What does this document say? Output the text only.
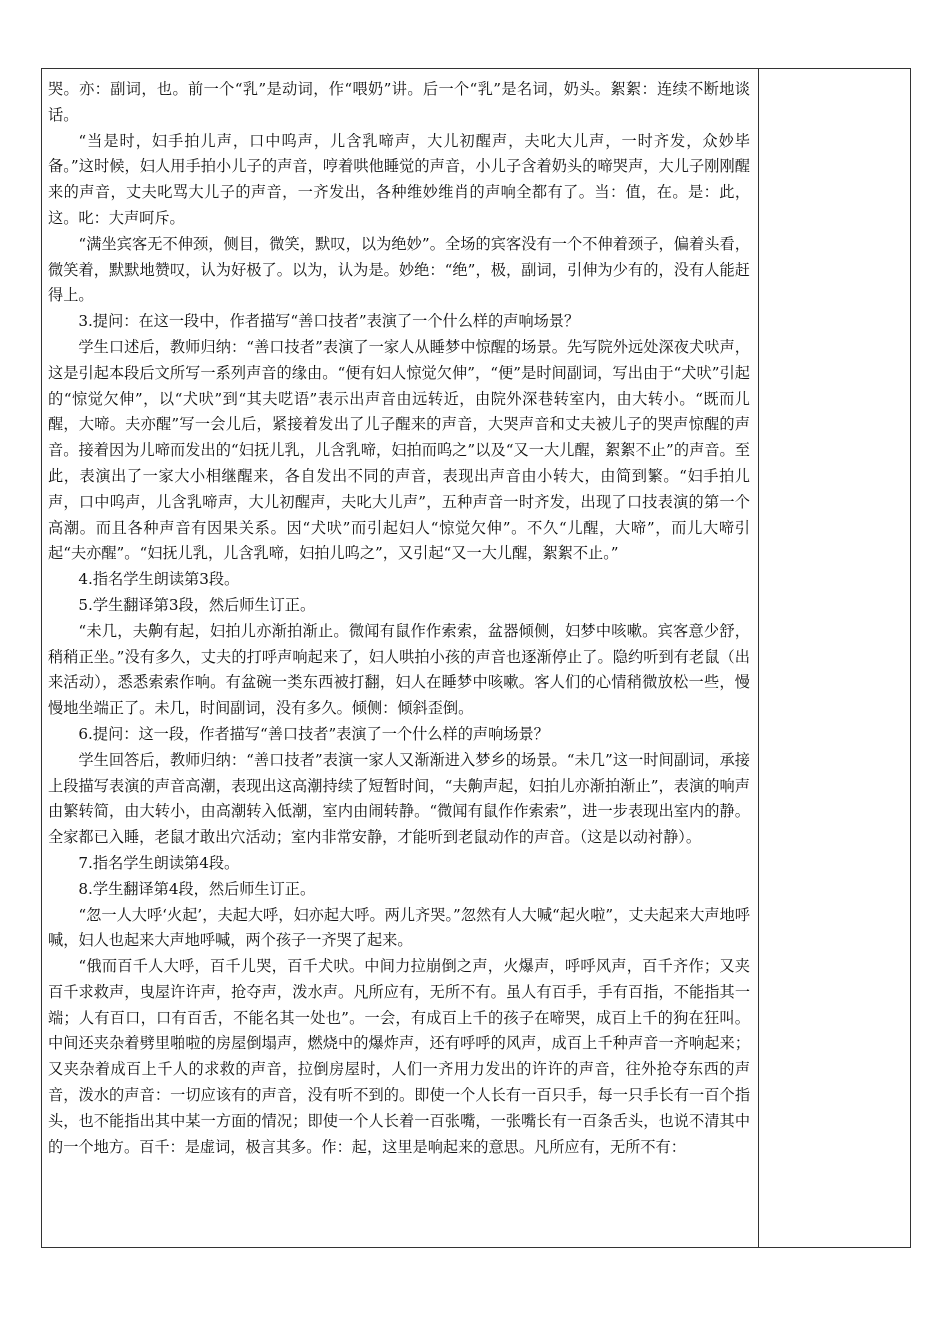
哭。亦：副词，也。前一个“乳”是动词，作“喂奶”讲。后一个“乳”是名词，奶头。絮絮：连续不断地谈话。

“当是时，妇手拍儿声，口中呜声，儿含乳啼声，大儿初醒声，夫叱大儿声，一时齐发，众妙毕备。”这时候，妇人用手拍小儿子的声音，哼着哄他睡觉的声音，小儿子含着奶头的啼哭声，大儿子刚刚醒来的声音，丈夫叱骂大儿子的声音，一齐发出，各种维妙维肖的声响全都有了。当：值，在。是：此，这。叱：大声呵斥。

“满坐宾客无不伸颈，侧目，微笑，默叹，以为绝妙”。全场的宾客没有一个不伸着颈子，偏着头看，微笑着，默默地赞叹，认为好极了。以为，认为是。妙绝：“绝”，极，副词，引伸为少有的，没有人能赶得上。

3.提问：在这一段中，作者描写“善口技者”表演了一个什么样的声响场景？

学生口述后，教师归纳：“善口技者”表演了一家人从睡梦中惊醒的场景。先写院外远处深夜犬吠声，这是引起本段后文所写一系列声音的缘由。“便有妇人惊觉欠伸”，“便”是时间副词，写出由于“犬吠”引起的“惊觉欠伸”，以“犬吠”到“其夫呓语”表示出声音由远转近，由院外深巷转室内，由大转小。“既而儿醒，大啼。夫亦醒”写一会儿后，紧接着发出了儿子醒来的声音，大哭声音和丈夫被儿子的哭声惊醒的声音。接着因为儿啼而发出的“妇抚儿乳，儿含乳啼，妇拍而呜之”以及“又一大儿醒，絮絮不止”的声音。至此，表演出了一家大小相继醒来，各自发出不同的声音，表现出声音由小转大，由简到繁。“妇手拍儿声，口中呜声，儿含乳啼声，大儿初醒声，夫叱大儿声”，五种声音一时齐发，出现了口技表演的第一个高潮。而且各种声音有因果关系。因“犬吠”而引起妇人“惊觉欠伸”。不久“儿醒，大啼”，而儿大啼引起“夫亦醒”。“妇抚儿乳，儿含乳啼，妇拍儿呜之”，又引起“又一大儿醒，絮絮不止。”

4.指名学生朗读第3段。

5.学生翻译第3段，然后师生订正。

“未几，夫齁有起，妇拍儿亦渐拍渐止。微闻有鼠作作索索，盆器倾侧，妇梦中咳嗽。宾客意少舒，稍稍正坐。”没有多久，丈夫的打呼声响起来了，妇人哄拍小孩的声音也逐渐停止了。隐约听到有老鼠（出来活动），悉悉索索作响。有盆碗一类东西被打翻，妇人在睡梦中咳嗽。客人们的心情稍微放松一些，慢慢地坐端正了。未几，时间副词，没有多久。倾侧：倾斜歪倒。

6.提问：这一段，作者描写“善口技者”表演了一个什么样的声响场景？

学生回答后，教师归纳：“善口技者”表演一家人又渐渐进入梦乡的场景。“未几”这一时间副词，承接上段描写表演的声音高潮，表现出这高潮持续了短暂时间，“夫齁声起，妇拍儿亦渐拍渐止”，表演的响声由繁转简，由大转小，由高潮转入低潮，室内由闹转静。“微闻有鼠作作索索”，进一步表现出室内的静。全家都已入睡，老鼠才敢出穴活动；室内非常安静，才能听到老鼠动作的声音。（这是以动衬静）。

7.指名学生朗读第4段。

8.学生翻译第4段，然后师生订正。

“忽一人大呼‘火起’，夫起大呼，妇亦起大呼。两儿齐哭。”忽然有人大喊“起火啦”，丈夫起来大声地呼喊，妇人也起来大声地呼喊，两个孩子一齐哭了起来。

“俄而百千人大呼，百千儿哭，百千犬吠。中间力拉崩倒之声，火爆声，呼呼风声，百千齐作；又夹百千求救声，曳屋许许声，抢夺声，泼水声。凡所应有，无所不有。虽人有百手，手有百指，不能指其一端；人有百口，口有百舌，不能名其一处也”。一会，有成百上千的孩子在啼哭，成百上千的狗在狂叫。中间还夹杂着劈里啪啦的房屋倒塌声，燃烧中的爆炸声，还有呼呼的风声，成百上千种声音一齐响起来；又夹杂着成百上千人的求救的声音，拉倒房屋时，人们一齐用力发出的许许的声音，往外抢夺东西的声音，泼水的声音：一切应该有的声音，没有听不到的。即使一个人长有一百只手，每一只手长有一百个指头，也不能指出其中某一方面的情况；即使一个人长着一百张嘴，一张嘴长有一百条舌头，也说不清其中的一个地方。百千：是虚词，极言其多。作：起，这里是响起来的意思。凡所应有，无所不有：
